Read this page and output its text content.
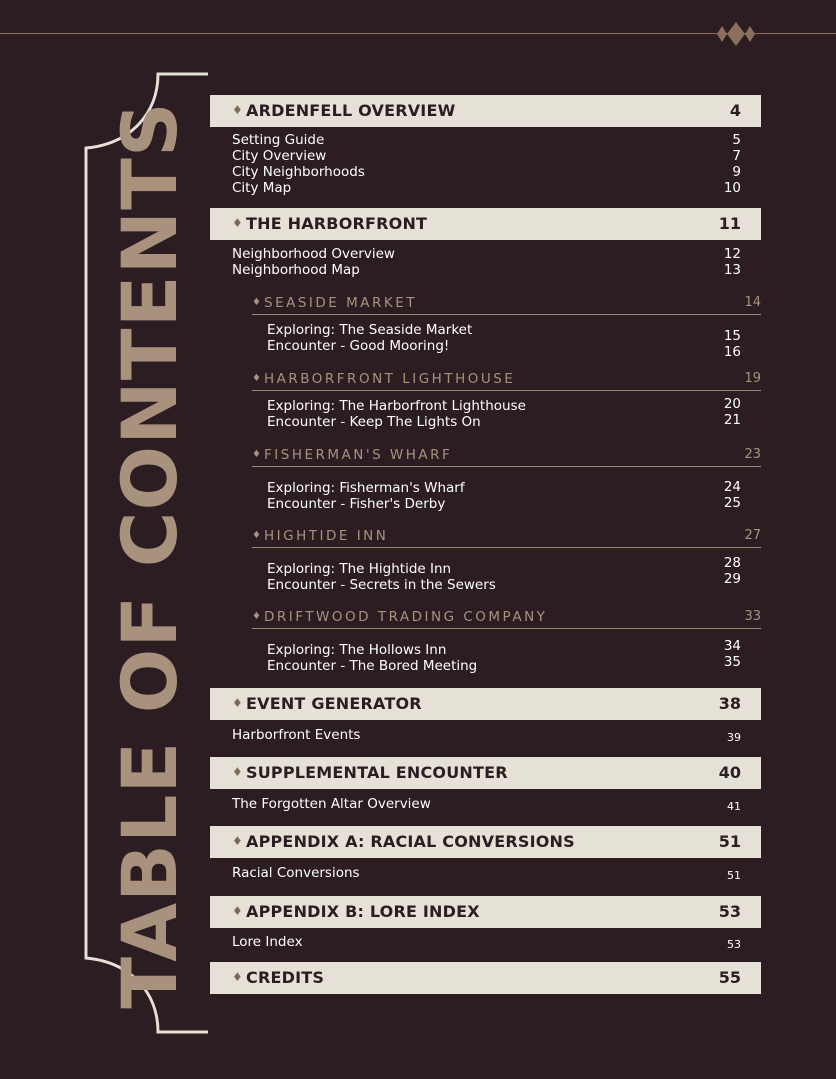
TABLE OF CONTENTS	♦ ARDENFELL OVERVIEW	4
Setting Guide	5
City Overview	7
City Neighborhoods	9
City Map	10
♦ THE HARBORFRONT	11
Neighborhood Overview	12
Neighborhood Map	13
♦ SEASIDE MARKET	14
Exploring: The Seaside Market	15
Encounter - Good Mooring!	16
♦ HARBORFRONT LIGHTHOUSE	19
Exploring: The Harborfront Lighthouse	20
Encounter - Keep The Lights On	21
♦ FISHERMAN'S WHARF	23
Exploring: Fisherman's Wharf	24
Encounter - Fisher's Derby	25
♦ HIGHTIDE INN	27
Exploring: The Hightide Inn	28
Encounter - Secrets in the Sewers	29
♦ DRIFTWOOD TRADING COMPANY	33
Exploring: The Hollows Inn	34
Encounter - The Bored Meeting	35
♦ EVENT GENERATOR	38
Harborfront Events	39
♦ SUPPLEMENTAL ENCOUNTER	40
The Forgotten Altar Overview	41
♦ APPENDIX A: RACIAL CONVERSIONS	51
Racial Conversions	51
♦ APPENDIX B: LORE INDEX	53
Lore Index	53
♦ CREDITS	55
